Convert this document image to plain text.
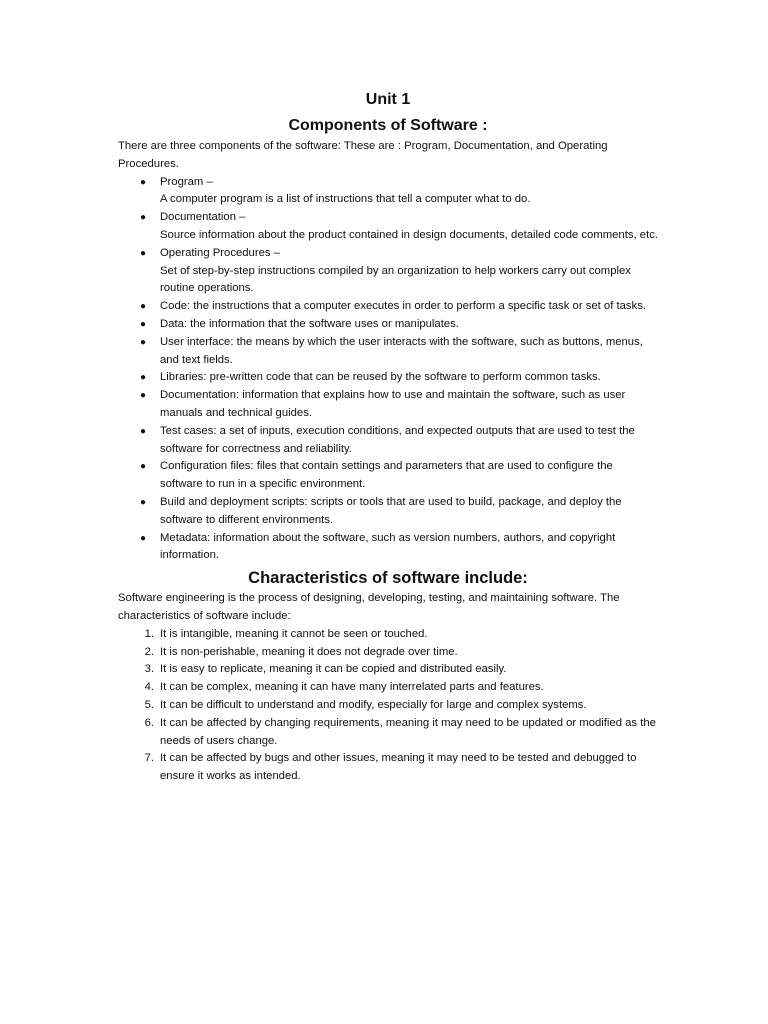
Unit 1
Components of Software :

There are three components of the software: These are : Program, Documentation, and Operating Procedures.

● Program –
A computer program is a list of instructions that tell a computer what to do.
● Documentation –
Source information about the product contained in design documents, detailed code comments, etc.
● Operating Procedures –
Set of step-by-step instructions compiled by an organization to help workers carry out complex routine operations.
● Code: the instructions that a computer executes in order to perform a specific task or set of tasks.
● Data: the information that the software uses or manipulates.
● User interface: the means by which the user interacts with the software, such as buttons, menus, and text fields.
● Libraries: pre-written code that can be reused by the software to perform common tasks.
● Documentation: information that explains how to use and maintain the software, such as user manuals and technical guides.
● Test cases: a set of inputs, execution conditions, and expected outputs that are used to test the software for correctness and reliability.
● Configuration files: files that contain settings and parameters that are used to configure the software to run in a specific environment.
● Build and deployment scripts: scripts or tools that are used to build, package, and deploy the software to different environments.
● Metadata: information about the software, such as version numbers, authors, and copyright information.
Characteristics of software include:

Software engineering is the process of designing, developing, testing, and maintaining software. The characteristics of software include:

1. It is intangible, meaning it cannot be seen or touched.
2. It is non-perishable, meaning it does not degrade over time.
3. It is easy to replicate, meaning it can be copied and distributed easily.
4. It can be complex, meaning it can have many interrelated parts and features.
5. It can be difficult to understand and modify, especially for large and complex systems.
6. It can be affected by changing requirements, meaning it may need to be updated or modified as the needs of users change.
7. It can be affected by bugs and other issues, meaning it may need to be tested and debugged to ensure it works as intended.
